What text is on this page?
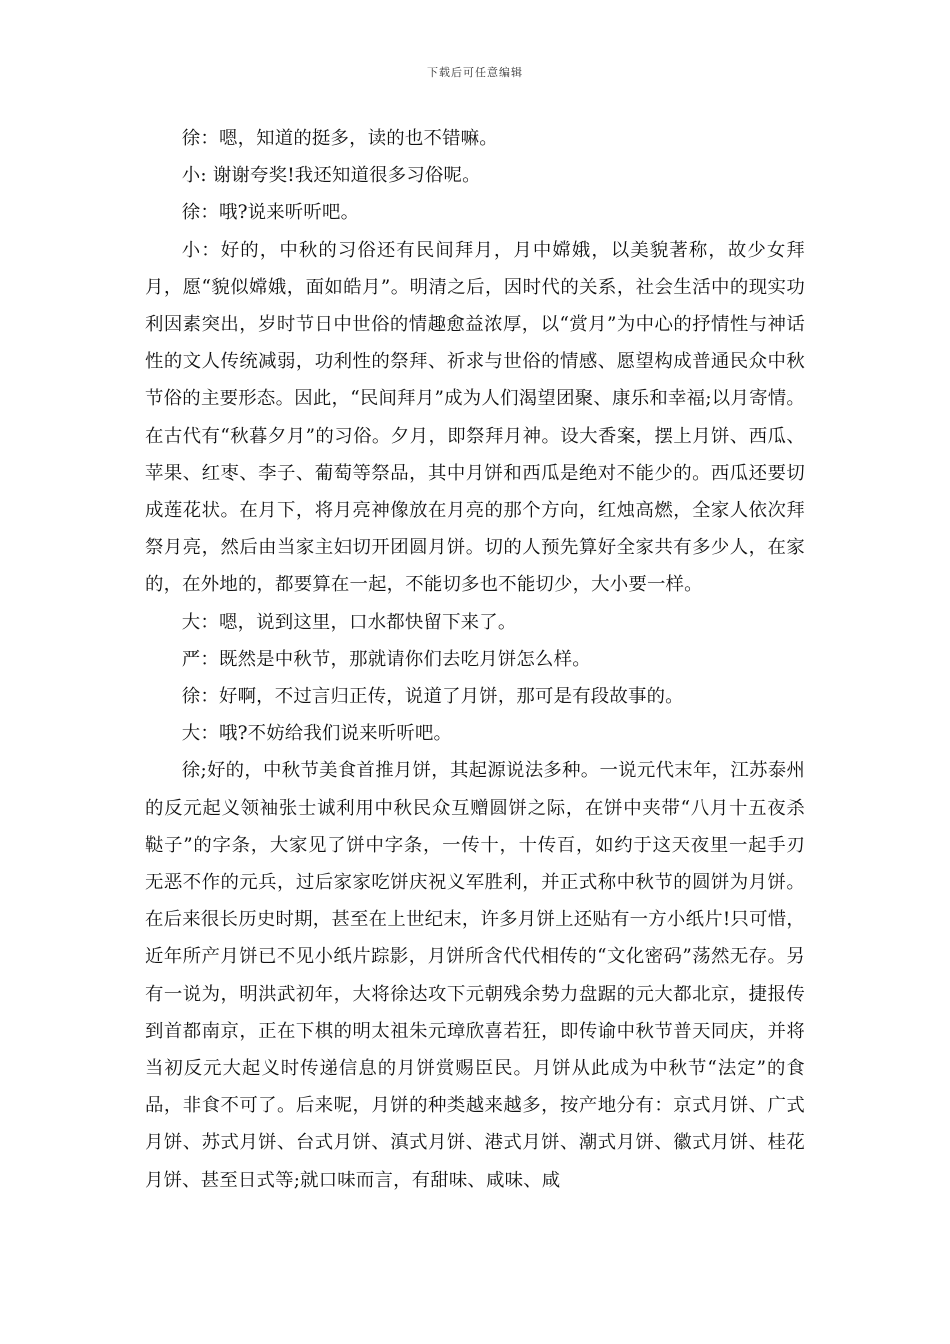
下载后可任意编辑

徐：嗯，知道的挺多，读的也不错嘛。

小: 谢谢夸奖!我还知道很多习俗呢。

徐：哦?说来听听吧。

小：好的，中秋的习俗还有民间拜月，月中嫦娥，以美貌著称，故少女拜月，愿“貌似嫦娥，面如皓月”。明清之后，因时代的关系，社会生活中的现实功利因素突出，岁时节日中世俗的情趣愈益浓厚，以“赏月”为中心的抒情性与神话性的文人传统减弱，功利性的祭拜、祈求与世俗的情感、愿望构成普通民众中秋节俗的主要形态。因此，“民间拜月”成为人们渴望团聚、康乐和幸福;以月寄情。在古代有“秋暮夕月”的习俗。夕月，即祭拜月神。设大香案，摆上月饼、西瓜、苹果、红枣、李子、葡萄等祭品，其中月饼和西瓜是绝对不能少的。西瓜还要切成莲花状。在月下，将月亮神像放在月亮的那个方向，红烛高燃，全家人依次拜祭月亮，然后由当家主妇切开团圆月饼。切的人预先算好全家共有多少人，在家的，在外地的，都要算在一起，不能切多也不能切少，大小要一样。

大：嗯，说到这里，口水都快留下来了。

严：既然是中秋节，那就请你们去吃月饼怎么样。

徐：好啊，不过言归正传，说道了月饼，那可是有段故事的。

大：哦?不妨给我们说来听听吧。

徐;好的，中秋节美食首推月饼，其起源说法多种。一说元代末年，江苏泰州的反元起义领袖张士诚利用中秋民众互赠圆饼之际，在饼中夹带“八月十五夜杀鞑子”的字条，大家见了饼中字条，一传十，十传百，如约于这天夜里一起手刃无恶不作的元兵，过后家家吃饼庆祝义军胜利，并正式称中秋节的圆饼为月饼。在后来很长历史时期，甚至在上世纪末，许多月饼上还贴有一方小纸片!只可惜，近年所产月饼已不见小纸片踪影，月饼所含代代相传的“文化密码”荡然无存。另有一说为，明洪武初年，大将徐达攻下元朝残余势力盘踞的元大都北京，捷报传到首都南京，正在下棋的明太祖朱元璋欣喜若狂，即传谕中秋节普天同庆，并将当初反元大起义时传递信息的月饼赏赐臣民。月饼从此成为中秋节“法定”的食品，非食不可了。后来呢，月饼的种类越来越多，按产地分有：京式月饼、广式月饼、苏式月饼、台式月饼、滇式月饼、港式月饼、潮式月饼、徽式月饼、桂花月饼、甚至日式等;就口味而言，有甜味、咸味、咸
